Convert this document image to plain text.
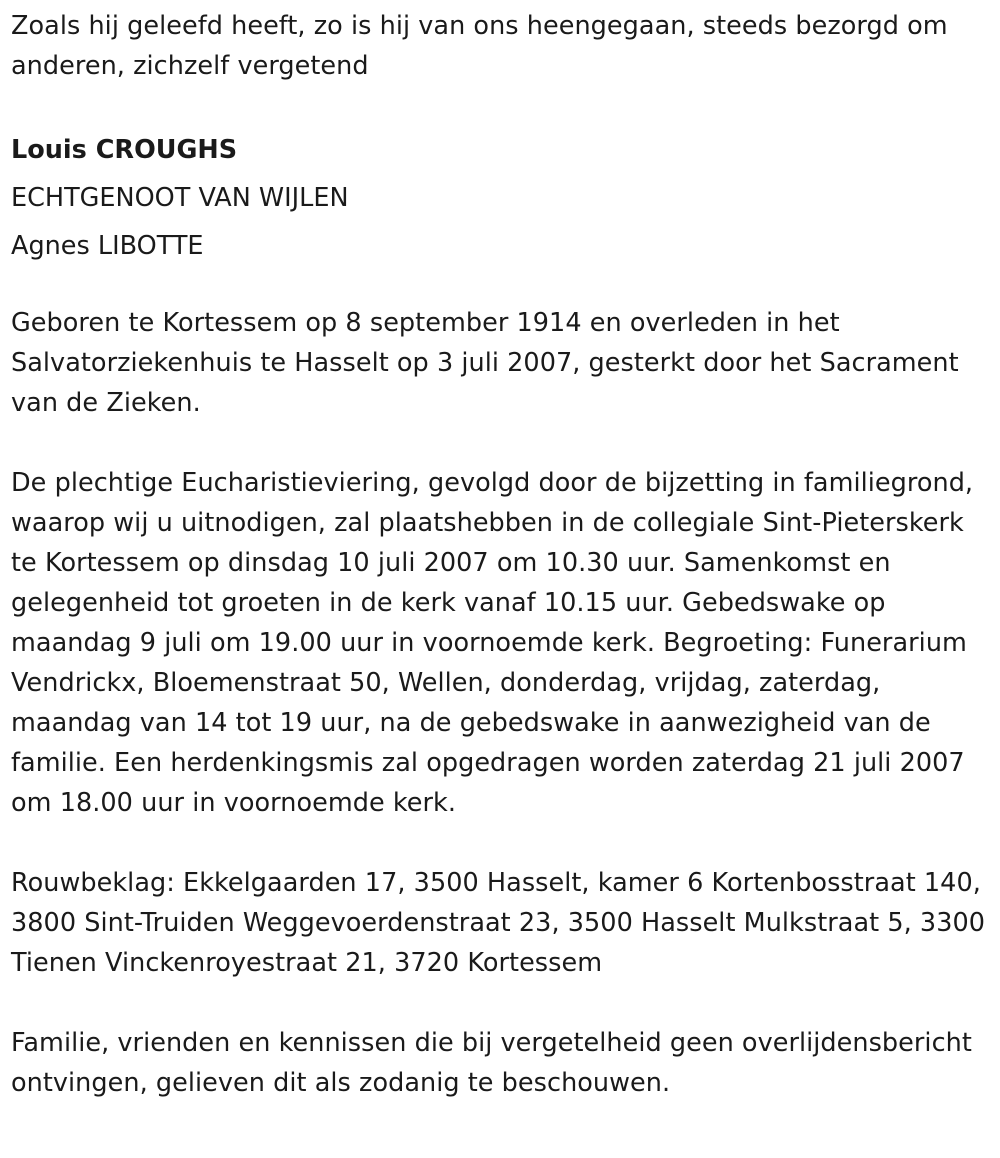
Zoals hij geleefd heeft, zo is hij van ons heengegaan, steeds bezorgd om anderen, zichzelf vergetend

Louis CROUGHS

ECHTGENOOT VAN WIJLEN

Agnes LIBOTTE

Geboren te Kortessem op 8 september 1914 en overleden in het Salvatorziekenhuis te Hasselt op 3 juli 2007, gesterkt door het Sacrament van de Zieken.

De plechtige Eucharistieviering, gevolgd door de bijzetting in familiegrond, waarop wij u uitnodigen, zal plaatshebben in de collegiale Sint-Pieterskerk te Kortessem op dinsdag 10 juli 2007 om 10.30 uur. Samenkomst en gelegenheid tot groeten in de kerk vanaf 10.15 uur. Gebedswake op maandag 9 juli om 19.00 uur in voornoemde kerk. Begroeting: Funerarium Vendrickx, Bloemenstraat 50, Wellen, donderdag, vrijdag, zaterdag, maandag van 14 tot 19 uur, na de gebedswake in aanwezigheid van de familie. Een herdenkingsmis zal opgedragen worden zaterdag 21 juli 2007 om 18.00 uur in voornoemde kerk.

Rouwbeklag: Ekkelgaarden 17, 3500 Hasselt, kamer 6 Kortenbosstraat 140, 3800 Sint-Truiden Weggevoerdenstraat 23, 3500 Hasselt Mulkstraat 5, 3300 Tienen Vinckenroyestraat 21, 3720 Kortessem

Familie, vrienden en kennissen die bij vergetelheid geen overlijdensbericht ontvingen, gelieven dit als zodanig te beschouwen.
